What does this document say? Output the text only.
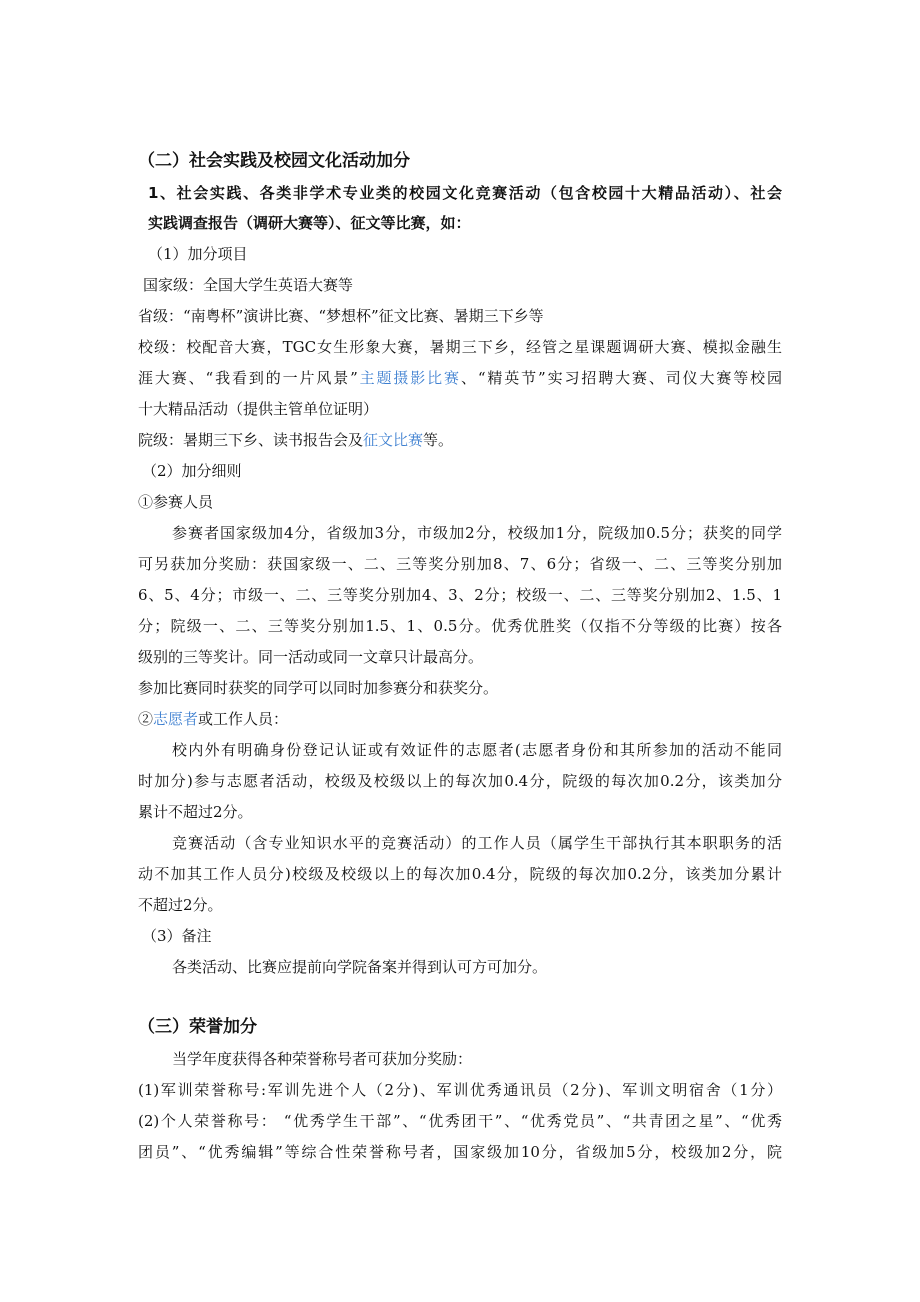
（二）社会实践及校园文化活动加分
1、社会实践、各类非学术专业类的校园文化竞赛活动（包含校园十大精品活动）、社会
实践调查报告（调研大赛等）、征文等比赛，如：
（1）加分项目
国家级：全国大学生英语大赛等
省级：“南粤杯”演讲比赛、“梦想杯”征文比赛、暑期三下乡等
校级：校配音大赛，TGC女生形象大赛，暑期三下乡，经管之星课题调研大赛、模拟金融生
涯大赛、“我看到的一片风景”主题摄影比赛、“精英节”实习招聘大赛、司仪大赛等校园
十大精品活动（提供主管单位证明）
院级：暑期三下乡、读书报告会及征文比赛等。
（2）加分细则
①参赛人员
参赛者国家级加4分，省级加3分，市级加2分，校级加1分，院级加0.5分；获奖的同学
可另获加分奖励：获国家级一、二、三等奖分别加8、7、6分；省级一、二、三等奖分别加
6、5、4分；市级一、二、三等奖分别加4、3、2分；校级一、二、三等奖分别加2、1.5、1
分；院级一、二、三等奖分别加1.5、1、0.5分。优秀优胜奖（仅指不分等级的比赛）按各
级别的三等奖计。同一活动或同一文章只计最高分。
参加比赛同时获奖的同学可以同时加参赛分和获奖分。
②志愿者或工作人员：
校内外有明确身份登记认证或有效证件的志愿者(志愿者身份和其所参加的活动不能同
时加分)参与志愿者活动，校级及校级以上的每次加0.4分，院级的每次加0.2分，该类加分
累计不超过2分。
竞赛活动（含专业知识水平的竞赛活动）的工作人员（属学生干部执行其本职职务的活
动不加其工作人员分)校级及校级以上的每次加0.4分，院级的每次加0.2分，该类加分累计
不超过2分。
（3）备注
各类活动、比赛应提前向学院备案并得到认可方可加分。
（三）荣誉加分
当学年度获得各种荣誉称号者可获加分奖励：
(1)军训荣誉称号:军训先进个人（2分)、军训优秀通讯员（2分)、军训文明宿舍（1分）
(2)个人荣誉称号： “优秀学生干部”、“优秀团干”、“优秀党员”、“共青团之星”、“优秀
团员”、“优秀编辑”等综合性荣誉称号者，国家级加10分，省级加5分，校级加2分，院
